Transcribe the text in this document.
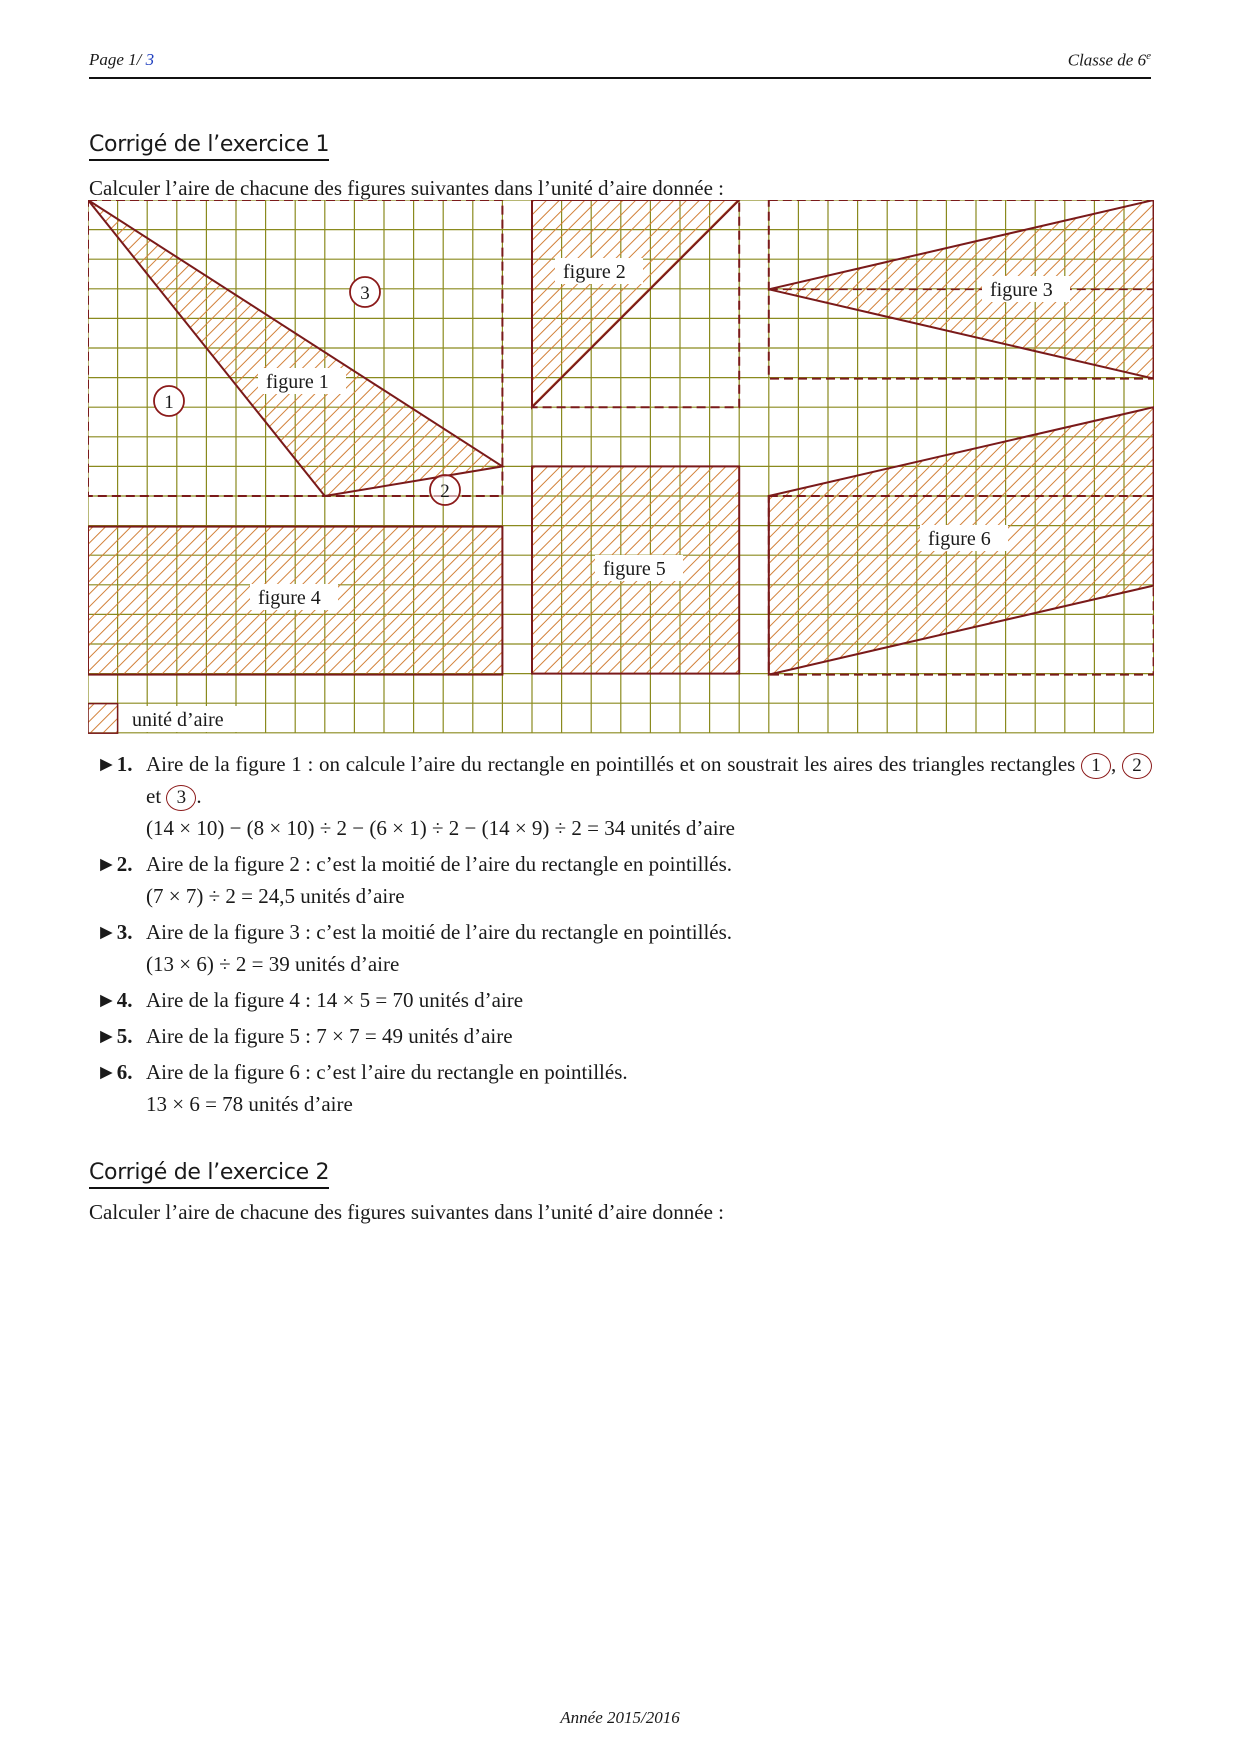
Page 1/ 3	Classe de 6e
Corrigé de l’exercice 1
Calculer l’aire de chacune des figures suivantes dans l’unité d’aire donnée :
figure 1
figure 2
figure 3
figure 4
figure 5
figure 6
unité d’aire
1
2
3
►1. Aire de la figure 1 : on calcule l’aire du rectangle en pointillés et on soustrait les aires des triangles rectangles 1 , 2 et 3 .
(14 × 10) − (8 × 10) ÷ 2 − (6 × 1) ÷ 2 − (14 × 9) ÷ 2 = 34 unités d’aire
►2. Aire de la figure 2 : c’est la moitié de l’aire du rectangle en pointillés.
(7 × 7) ÷ 2 = 24,5 unités d’aire
►3. Aire de la figure 3 : c’est la moitié de l’aire du rectangle en pointillés.
(13 × 6) ÷ 2 = 39 unités d’aire
►4. Aire de la figure 4 : 14 × 5 = 70 unités d’aire
►5. Aire de la figure 5 : 7 × 7 = 49 unités d’aire
►6. Aire de la figure 6 : c’est l’aire du rectangle en pointillés.
13 × 6 = 78 unités d’aire
Corrigé de l’exercice 2
Calculer l’aire de chacune des figures suivantes dans l’unité d’aire donnée :
Année 2015/2016
